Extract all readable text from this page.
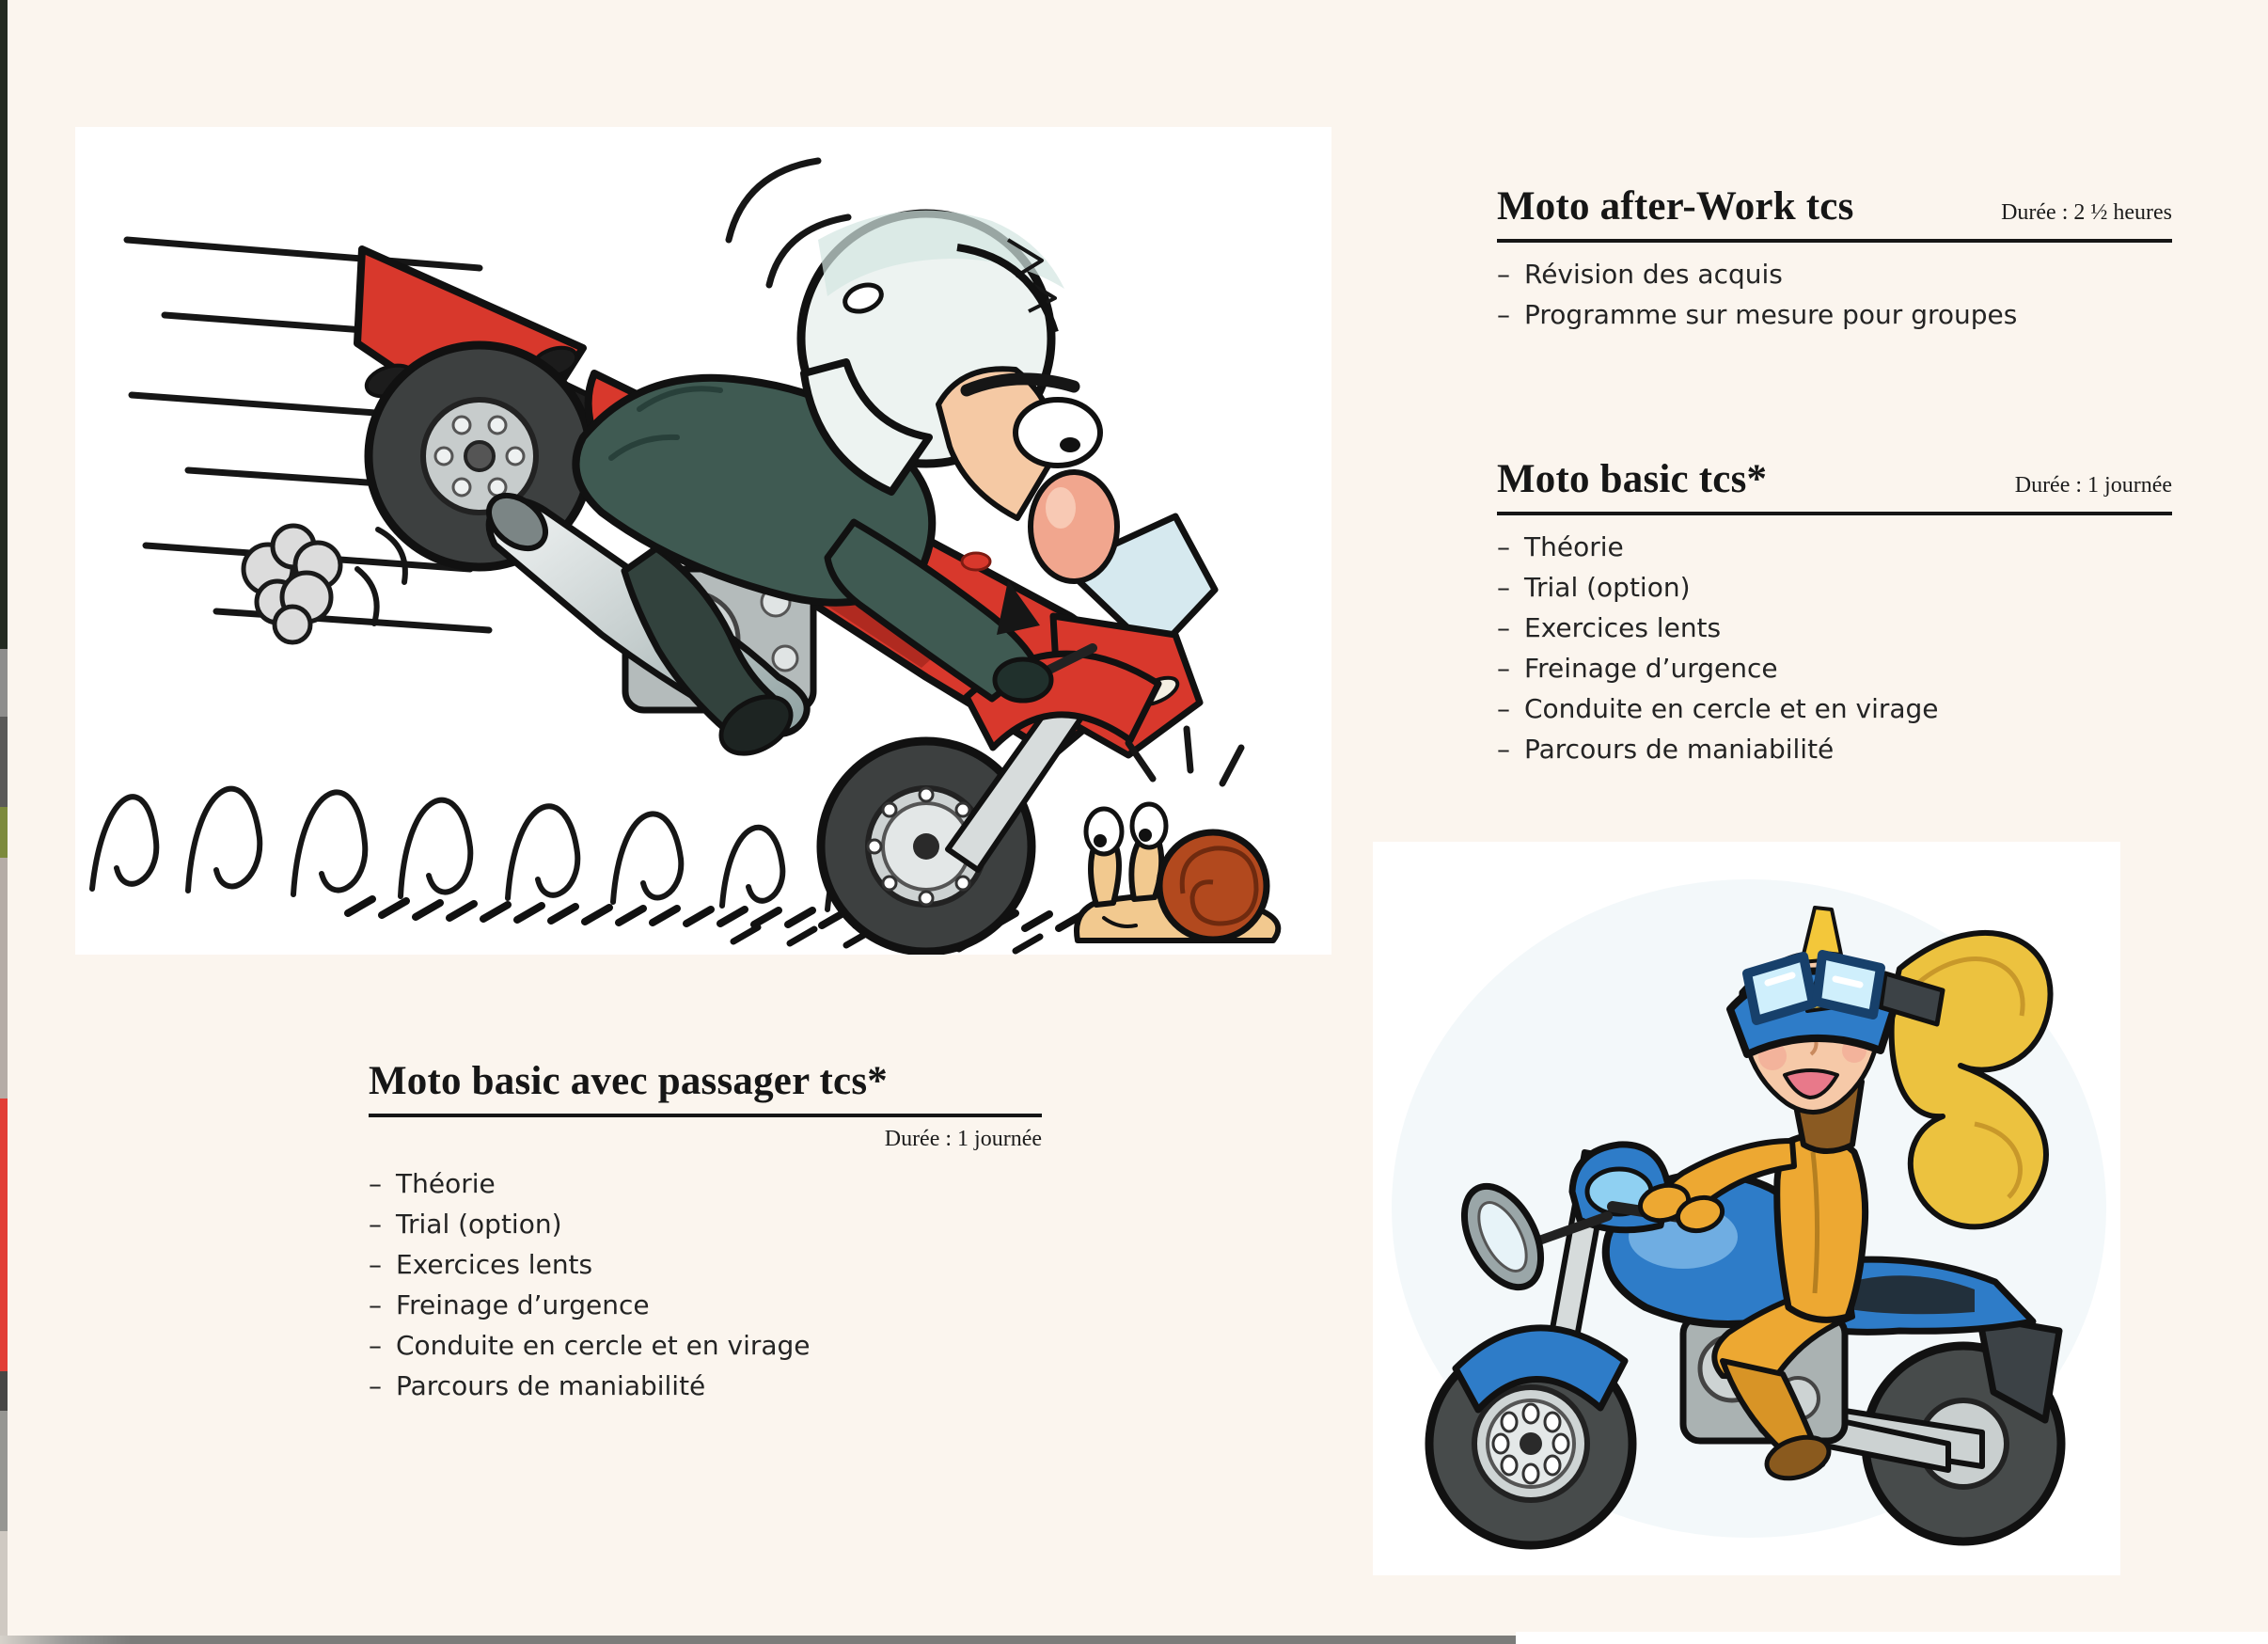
Moto after-Work tcs	Durée : 2 ½ heures
– Révision des acquis
– Programme sur mesure pour groupes
Moto basic tcs*	Durée : 1 journée
– Théorie
– Trial (option)
– Exercices lents
– Freinage d’urgence
– Conduite en cercle et en virage
– Parcours de maniabilité
Moto basic avec passager tcs*
Durée : 1 journée
– Théorie
– Trial (option)
– Exercices lents
– Freinage d’urgence
– Conduite en cercle et en virage
– Parcours de maniabilité
